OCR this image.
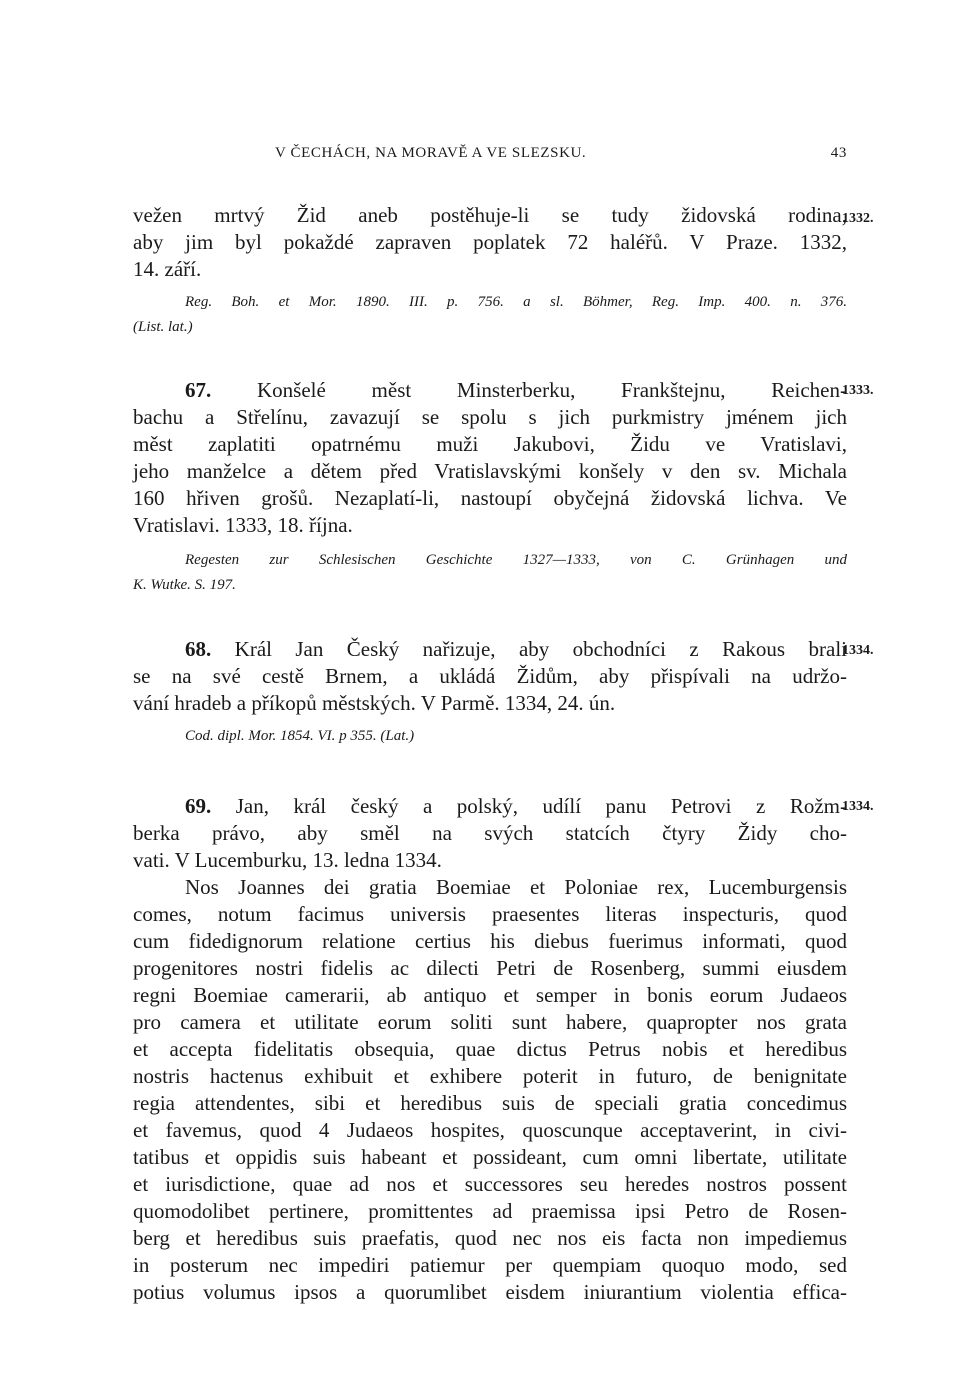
V ČECHÁCH, NA MORAVĚ A VE SLEZSKU.	43
vežen mrtvý Žid aneb postěhuje-li se tudy židovská rodina,
aby jim byl pokaždé zapraven poplatek 72 haléřů. V Praze. 1332,
14. září.
1332.
Reg. Boh. et Mor. 1890. III. p. 756. a sl. Böhmer, Reg. Imp. 400. n. 376.
(List. lat.)
67. Konšelé měst Minsterberku, Frankštejnu, Reichen-
bachu a Střelínu, zavazují se spolu s jich purkmistry jménem jich
měst zaplatiti opatrnému muži Jakubovi, Židu ve Vratislavi,
jeho manželce a dětem před Vratislavskými konšely v den sv. Michala
160 hřiven grošů. Nezaplatí-li, nastoupí obyčejná židovská lichva. Ve
Vratislavi. 1333, 18. října.
1333.
Regesten zur Schlesischen Geschichte 1327—1333, von C. Grünhagen und
K. Wutke. S. 197.
68. Král Jan Český nařizuje, aby obchodníci z Rakous brali
se na své cestě Brnem, a ukládá Židům, aby přispívali na udržo-
vání hradeb a příkopů městských. V Parmě. 1334, 24. ún.
1334.
Cod. dipl. Mor. 1854. VI. p 355. (Lat.)
69. Jan, král český a polský, udílí panu Petrovi z Rožm-
berka právo, aby směl na svých statcích čtyry Židy cho-
vati. V Lucemburku, 13. ledna 1334.
1334.
Nos Joannes dei gratia Boemiae et Poloniae rex, Lucemburgensis
comes, notum facimus universis praesentes literas inspecturis, quod
cum fidedignorum relatione certius his diebus fuerimus informati, quod
progenitores nostri fidelis ac dilecti Petri de Rosenberg, summi eiusdem
regni Boemiae camerarii, ab antiquo et semper in bonis eorum Judaeos
pro camera et utilitate eorum soliti sunt habere, quapropter nos grata
et accepta fidelitatis obsequia, quae dictus Petrus nobis et heredibus
nostris hactenus exhibuit et exhibere poterit in futuro, de benignitate
regia attendentes, sibi et heredibus suis de speciali gratia concedimus
et favemus, quod 4 Judaeos hospites, quoscunque acceptaverint, in civi-
tatibus et oppidis suis habeant et possideant, cum omni libertate, utilitate
et iurisdictione, quae ad nos et successores seu heredes nostros possent
quomodolibet pertinere, promittentes ad praemissa ipsi Petro de Rosen-
berg et heredibus suis praefatis, quod nec nos eis facta non impediemus
in posterum nec impediri patiemur per quempiam quoquo modo, sed
potius volumus ipsos a quorumlibet eisdem iniurantium violentia effica-
